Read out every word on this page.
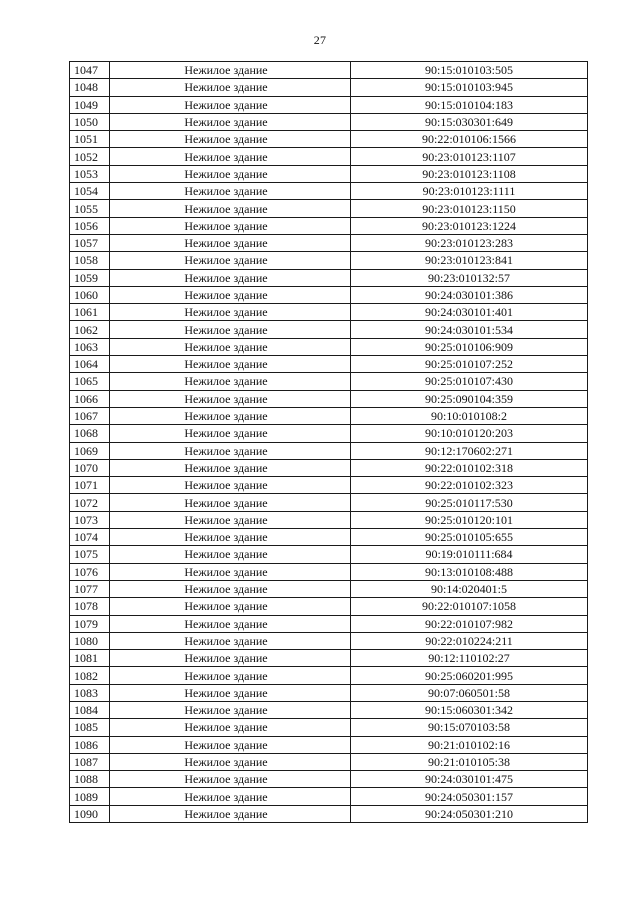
27
1047	Нежилое здание	90:15:010103:505
1048	Нежилое здание	90:15:010103:945
1049	Нежилое здание	90:15:010104:183
1050	Нежилое здание	90:15:030301:649
1051	Нежилое здание	90:22:010106:1566
1052	Нежилое здание	90:23:010123:1107
1053	Нежилое здание	90:23:010123:1108
1054	Нежилое здание	90:23:010123:1111
1055	Нежилое здание	90:23:010123:1150
1056	Нежилое здание	90:23:010123:1224
1057	Нежилое здание	90:23:010123:283
1058	Нежилое здание	90:23:010123:841
1059	Нежилое здание	90:23:010132:57
1060	Нежилое здание	90:24:030101:386
1061	Нежилое здание	90:24:030101:401
1062	Нежилое здание	90:24:030101:534
1063	Нежилое здание	90:25:010106:909
1064	Нежилое здание	90:25:010107:252
1065	Нежилое здание	90:25:010107:430
1066	Нежилое здание	90:25:090104:359
1067	Нежилое здание	90:10:010108:2
1068	Нежилое здание	90:10:010120:203
1069	Нежилое здание	90:12:170602:271
1070	Нежилое здание	90:22:010102:318
1071	Нежилое здание	90:22:010102:323
1072	Нежилое здание	90:25:010117:530
1073	Нежилое здание	90:25:010120:101
1074	Нежилое здание	90:25:010105:655
1075	Нежилое здание	90:19:010111:684
1076	Нежилое здание	90:13:010108:488
1077	Нежилое здание	90:14:020401:5
1078	Нежилое здание	90:22:010107:1058
1079	Нежилое здание	90:22:010107:982
1080	Нежилое здание	90:22:010224:211
1081	Нежилое здание	90:12:110102:27
1082	Нежилое здание	90:25:060201:995
1083	Нежилое здание	90:07:060501:58
1084	Нежилое здание	90:15:060301:342
1085	Нежилое здание	90:15:070103:58
1086	Нежилое здание	90:21:010102:16
1087	Нежилое здание	90:21:010105:38
1088	Нежилое здание	90:24:030101:475
1089	Нежилое здание	90:24:050301:157
1090	Нежилое здание	90:24:050301:210
